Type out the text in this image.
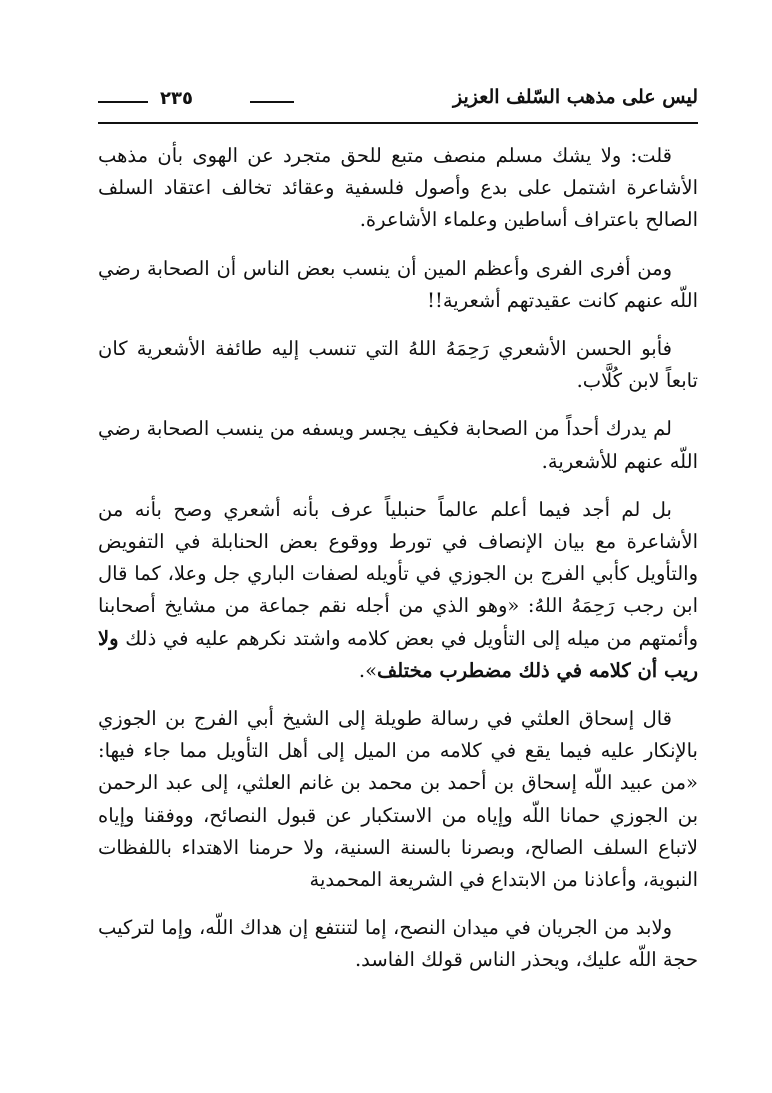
ليس على مذهب السّلف العزيز
٢٣٥

قلت: ولا يشك مسلم منصف متبع للحق متجرد عن الهوى بأن مذهب الأشاعرة اشتمل على بدع وأصول فلسفية وعقائد تخالف اعتقاد السلف الصالح باعتراف أساطين وعلماء الأشاعرة.

ومن أفرى الفرى وأعظم المين أن ينسب بعض الناس أن الصحابة رضي اللّه عنهم كانت عقيدتهم أشعرية!!

فأبو الحسن الأشعري رَحِمَهُ اللهُ التي تنسب إليه طائفة الأشعرية كان تابعاً لابن كُلَّاب.

لم يدرك أحداً من الصحابة فكيف يجسر ويسفه من ينسب الصحابة رضي اللّه عنهم للأشعرية.

بل لم أجد فيما أعلم عالماً حنبلياً عرف بأنه أشعري وصح بأنه من الأشاعرة مع بيان الإنصاف في تورط ووقوع بعض الحنابلة في التفويض والتأويل كأبي الفرج بن الجوزي في تأويله لصفات الباري جل وعلا، كما قال ابن رجب رَحِمَهُ اللهُ: «وهو الذي من أجله نقم جماعة من مشايخ أصحابنا وأئمتهم من ميله إلى التأويل في بعض كلامه واشتد نكرهم عليه في ذلك ولا ريب أن كلامه في ذلك مضطرب مختلف».

قال إسحاق العلثي في رسالة طويلة إلى الشيخ أبي الفرج بن الجوزي بالإنكار عليه فيما يقع في كلامه من الميل إلى أهل التأويل مما جاء فيها: «من عبيد اللّه إسحاق بن أحمد بن محمد بن غانم العلثي، إلى عبد الرحمن بن الجوزي حمانا اللّه وإياه من الاستكبار عن قبول النصائح، ووفقنا وإياه لاتباع السلف الصالح، وبصرنا بالسنة السنية، ولا حرمنا الاهتداء باللفظات النبوية، وأعاذنا من الابتداع في الشريعة المحمدية

ولابد من الجريان في ميدان النصح، إما لتنتفع إن هداك اللّه، وإما لتركيب حجة اللّه عليك، ويحذر الناس قولك الفاسد.
